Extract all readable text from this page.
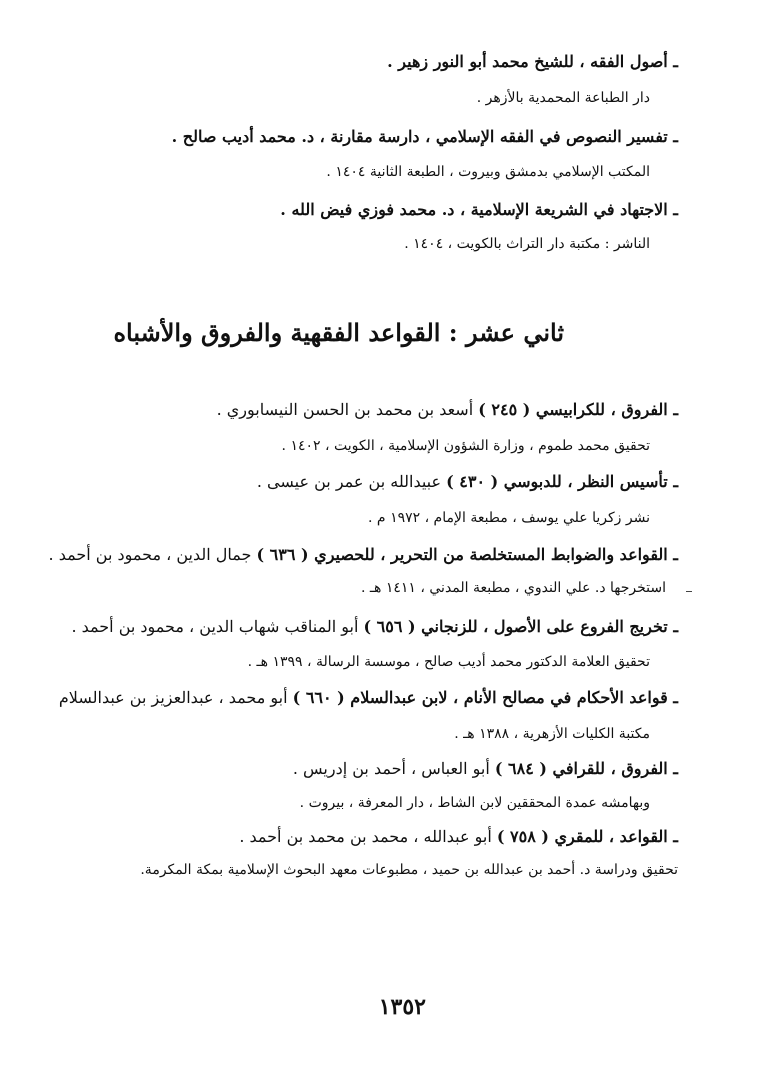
ـ أصول الفقه ، للشيخ محمد أبو النور زهير .
دار الطباعة المحمدية بالأزهر .
ـ تفسير النصوص في الفقه الإسلامي ، دارسة مقارنة ، د. محمد أديب صالح .
المكتب الإسلامي بدمشق وبيروت ، الطبعة الثانية ١٤٠٤ .
ـ الاجتهاد في الشريعة الإسلامية ، د. محمد فوزي فيض الله .
الناشر : مكتبة دار التراث بالكويت ، ١٤٠٤ .
ثاني عشر : القواعد الفقهية والفروق والأشباه
ـ الفروق ، للكرابيسي ( ٢٤٥ ) أسعد بن محمد بن الحسن النيسابوري .
تحقيق محمد طموم ، وزارة الشؤون الإسلامية ، الكويت ، ١٤٠٢ .
ـ تأسيس النظر ، للدبوسي ( ٤٣٠ ) عبيدالله بن عمر بن عيسى .
نشر زكريا علي يوسف ، مطبعة الإمام ، ١٩٧٢ م .
ـ القواعد والضوابط المستخلصة من التحرير ، للحصيري ( ٦٣٦ ) جمال الدين ، محمود بن أحمد .
استخرجها د. علي الندوي ، مطبعة المدني ، ١٤١١ هـ .
ـ تخريج الفروع على الأصول ، للزنجاني ( ٦٥٦ ) أبو المناقب شهاب الدين ، محمود بن أحمد .
تحقيق العلامة الدكتور محمد أديب صالح ، موسسة الرسالة ، ١٣٩٩ هـ .
ـ قواعد الأحكام في مصالح الأنام ، لابن عبدالسلام ( ٦٦٠ ) أبو محمد ، عبدالعزيز بن عبدالسلام
مكتبة الكليات الأزهرية ، ١٣٨٨ هـ .
ـ الفروق ، للقرافي ( ٦٨٤ ) أبو العباس ، أحمد بن إدريس .
وبهامشه عمدة المحققين لابن الشاط ، دار المعرفة ، بيروت .
ـ القواعد ، للمقري ( ٧٥٨ ) أبو عبدالله ، محمد بن محمد بن أحمد .
تحقيق ودراسة د. أحمد بن عبدالله بن حميد ، مطبوعات معهد البحوث الإسلامية بمكة المكرمة.
١٣٥٢
